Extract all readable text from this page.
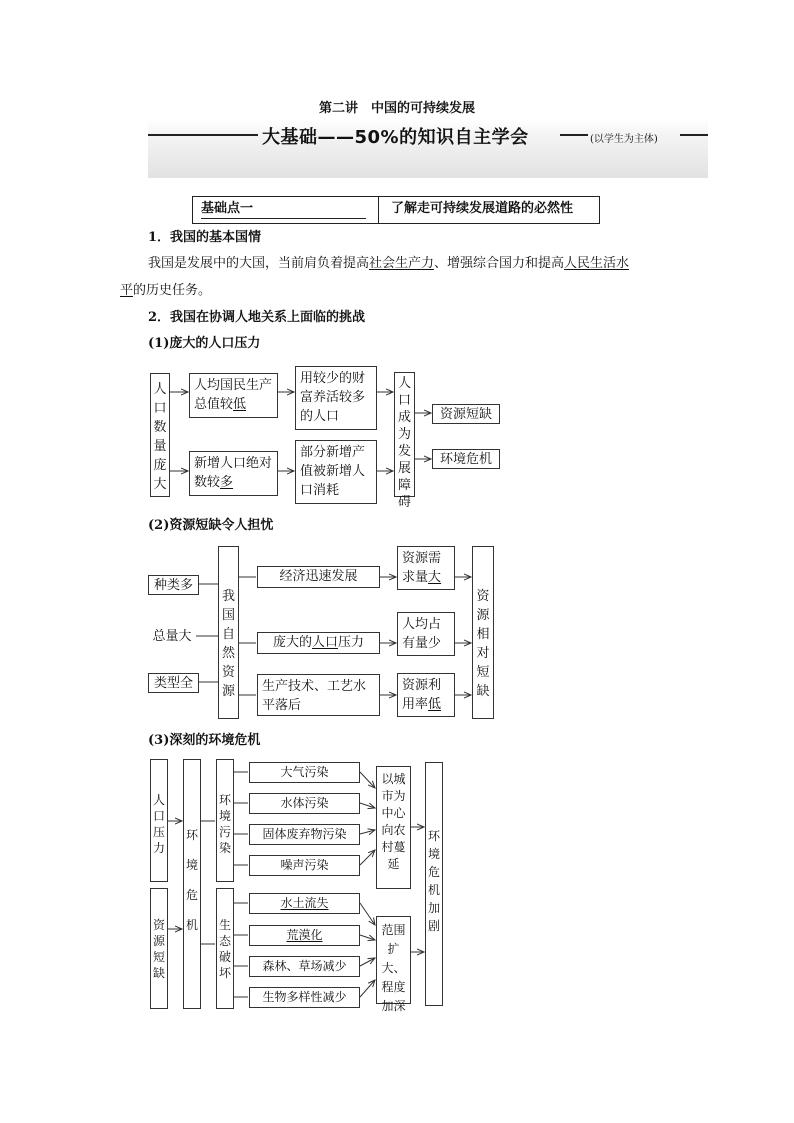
第二讲　中国的可持续发展
大基础——50%的知识自主学会	(以学生为主体)
基础点一	了解走可持续发展道路的必然性
1．我国的基本国情
我国是发展中的大国，当前肩负着提高社会生产力、增强综合国力和提高人民生活水
平的历史任务。
2．我国在协调人地关系上面临的挑战
(1)庞大的人口压力
人口数量庞大
人均国民生产总值较低
新增人口绝对数较多
用较少的财富养活较多的人口
部分新增产值被新增人口消耗
人口成为发展障碍
资源短缺
环境危机
(2)资源短缺令人担忧
种类多
总量大
类型全
我国自然资源
经济迅速发展
庞大的人口压力
生产技术、工艺水平落后
资源需求量大
人均占有量少
资源利用率低
资源相对短缺
(3)深刻的环境危机
人口压力
资源短缺
环境危机
环境污染
生态破坏
大气污染
水体污染
固体废弃物污染
噪声污染
水土流失
荒漠化
森林、草场减少
生物多样性减少
以城市为中心向农村蔓延
范围扩大、程度加深
环境危机加剧
